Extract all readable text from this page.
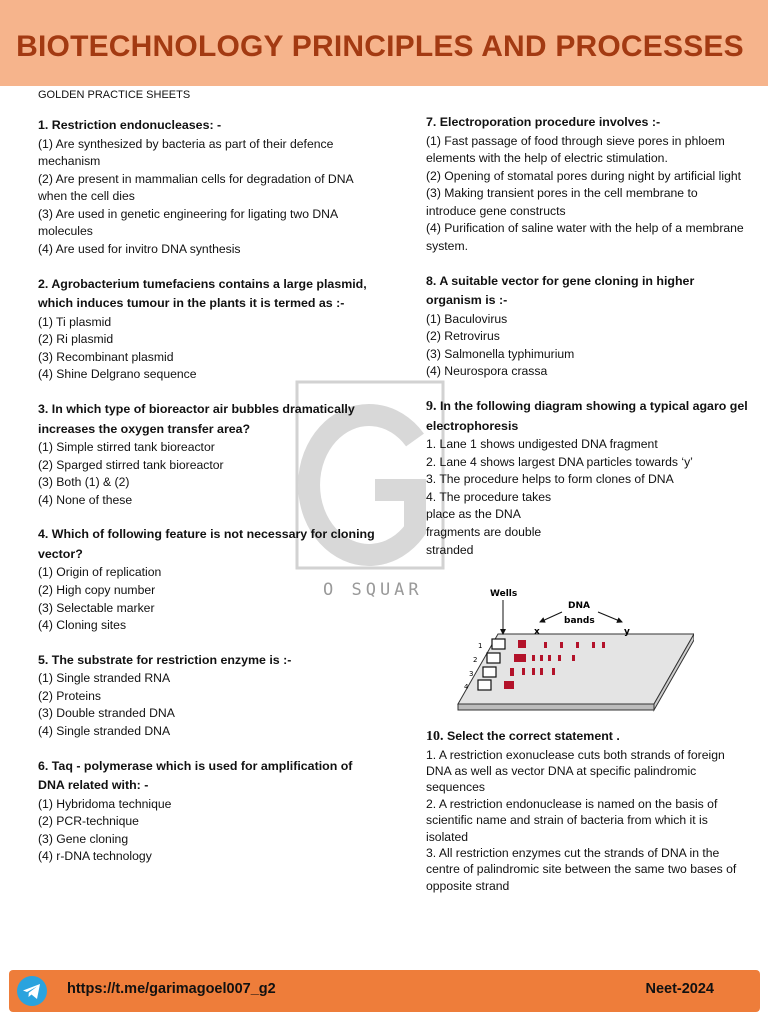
BIOTECHNOLOGY PRINCIPLES AND PROCESSES
GOLDEN PRACTICE SHEETS
O SQUAR
1. Restriction endonucleases: -
(1) Are synthesized by bacteria as part of their defence mechanism
(2) Are present in mammalian cells for degradation of DNA when the cell dies
(3) Are used in genetic engineering for ligating two DNA molecules
(4) Are used for invitro DNA synthesis
2. Agrobacterium tumefaciens contains a large plasmid, which induces tumour in the plants it is termed as :-
(1) Ti plasmid
(2) Ri plasmid
(3) Recombinant plasmid
(4) Shine Delgrano sequence
3. In which type of bioreactor air bubbles dramatically increases the oxygen transfer area?
(1) Simple stirred tank bioreactor
(2) Sparged stirred tank bioreactor
(3) Both (1) & (2)
(4) None of these
4. Which of following feature is not necessary for cloning vector?
(1) Origin of replication
(2) High copy number
(3) Selectable marker
(4) Cloning sites
5. The substrate for restriction enzyme is :-
(1) Single stranded RNA
(2) Proteins
(3) Double stranded DNA
(4) Single stranded DNA
6. Taq - polymerase which is used for amplification of DNA related with: -
(1) Hybridoma technique
(2) PCR-technique
(3) Gene cloning
(4) r-DNA technology
7. Electroporation procedure involves :-
(1) Fast passage of food through sieve pores in phloem elements with the help of electric stimulation.
(2) Opening of stomatal pores during night by artificial light
(3) Making transient pores in the cell membrane to introduce gene constructs
(4) Purification of saline water with the help of a membrane system.
8. A suitable vector for gene cloning in higher organism is :-
(1) Baculovirus
(2) Retrovirus
(3) Salmonella typhimurium
(4) Neurospora crassa
9. In the following diagram showing a typical agaro gel electrophoresis
1. Lane 1 shows undigested DNA fragment
2. Lane 4 shows largest DNA particles towards ‘y’
3. The procedure helps to form clones of DNA
4. The procedure takes place as the DNA fragments are double stranded
10. Select the correct statement .
1. A restriction exonuclease cuts both strands of foreign DNA as well as vector DNA at specific palindromic sequences
2. A restriction endonuclease is named on the basis of scientific name and strain of bacteria from which it is isolated
3. All restriction enzymes cut the strands of DNA in the centre of palindromic site between the same two bases of opposite strand
1
2
3
4
Wells
DNA
bands
x	y
https://t.me/garimagoel007_g2	Neet-2024
